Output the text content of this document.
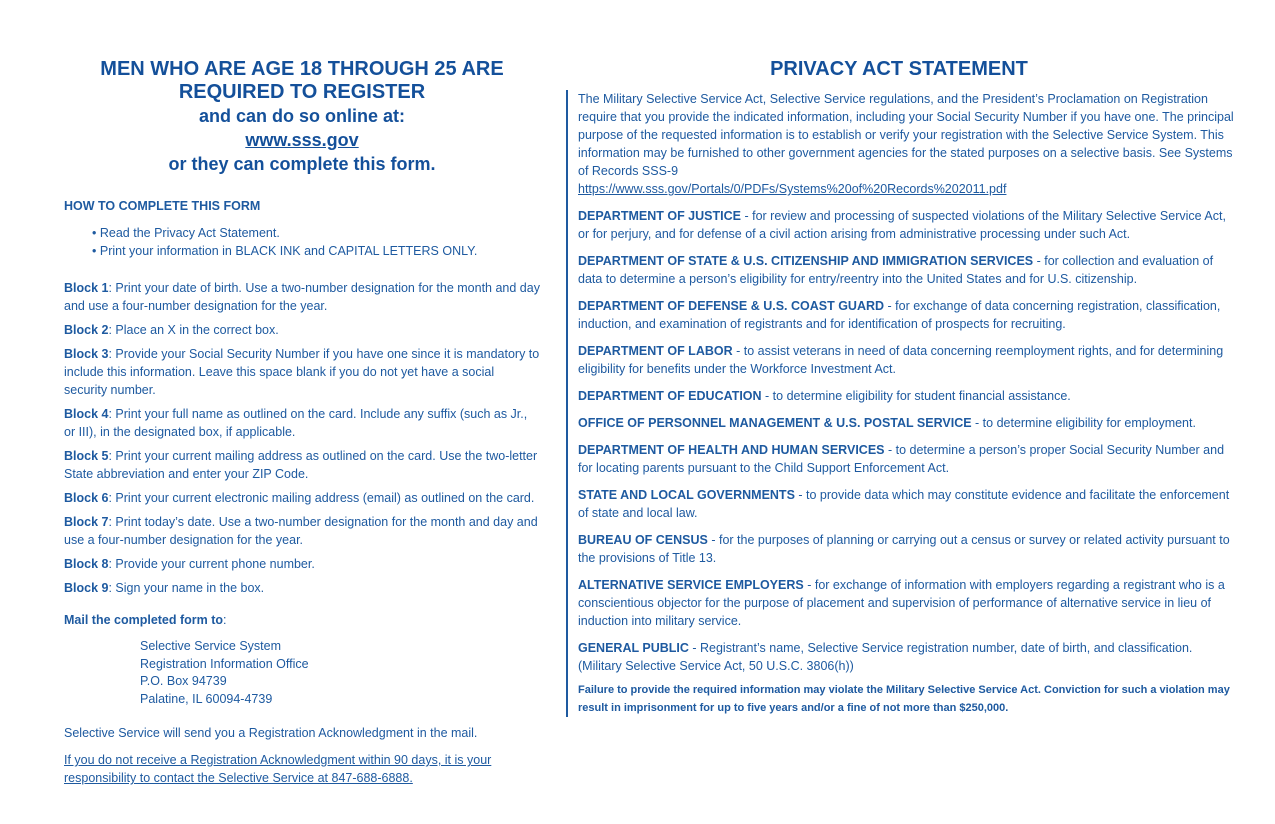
MEN WHO ARE AGE 18 THROUGH 25 ARE
REQUIRED TO REGISTER
and can do so online at:
www.sss.gov
or they can complete this form.
HOW TO COMPLETE THIS FORM
• Read the Privacy Act Statement.
• Print your information in BLACK INK and CAPITAL LETTERS ONLY.
Block 1: Print your date of birth. Use a two-number designation for the month and day and use a four-number designation for the year.
Block 2: Place an X in the correct box.
Block 3: Provide your Social Security Number if you have one since it is mandatory to include this information. Leave this space blank if you do not yet have a social security number.
Block 4: Print your full name as outlined on the card. Include any suffix (such as Jr., or III), in the designated box, if applicable.
Block 5: Print your current mailing address as outlined on the card. Use the two-letter State abbreviation and enter your ZIP Code.
Block 6: Print your current electronic mailing address (email) as outlined on the card.
Block 7: Print today’s date. Use a two-number designation for the month and day and use a four-number designation for the year.
Block 8: Provide your current phone number.
Block 9: Sign your name in the box.
Mail the completed form to:
Selective Service System
Registration Information Office
P.O. Box 94739
Palatine, IL 60094-4739
Selective Service will send you a Registration Acknowledgment in the mail.
If you do not receive a Registration Acknowledgment within 90 days, it is your responsibility to contact the Selective Service at 847-688-6888.
PRIVACY ACT STATEMENT
The Military Selective Service Act, Selective Service regulations, and the President’s Proclamation on Registration require that you provide the indicated information, including your Social Security Number if you have one. The principal purpose of the requested information is to establish or verify your registration with the Selective Service System. This information may be furnished to other government agencies for the stated purposes on a selective basis. See Systems of Records SSS-9
https://www.sss.gov/Portals/0/PDFs/Systems%20of%20Records%202011.pdf
DEPARTMENT OF JUSTICE - for review and processing of suspected violations of the Military Selective Service Act, or for perjury, and for defense of a civil action arising from administrative processing under such Act.
DEPARTMENT OF STATE & U.S. CITIZENSHIP AND IMMIGRATION SERVICES - for collection and evaluation of data to determine a person’s eligibility for entry/reentry into the United States and for U.S. citizenship.
DEPARTMENT OF DEFENSE & U.S. COAST GUARD - for exchange of data concerning registration, classification, induction, and examination of registrants and for identification of prospects for recruiting.
DEPARTMENT OF LABOR - to assist veterans in need of data concerning reemployment rights, and for determining eligibility for benefits under the Workforce Investment Act.
DEPARTMENT OF EDUCATION - to determine eligibility for student financial assistance.
OFFICE OF PERSONNEL MANAGEMENT & U.S. POSTAL SERVICE - to determine eligibility for employment.
DEPARTMENT OF HEALTH AND HUMAN SERVICES - to determine a person’s proper Social Security Number and for locating parents pursuant to the Child Support Enforcement Act.
STATE AND LOCAL GOVERNMENTS - to provide data which may constitute evidence and facilitate the enforcement of state and local law.
BUREAU OF CENSUS - for the purposes of planning or carrying out a census or survey or related activity pursuant to the provisions of Title 13.
ALTERNATIVE SERVICE EMPLOYERS - for exchange of information with employers regarding a registrant who is a conscientious objector for the purpose of placement and supervision of performance of alternative service in lieu of induction into military service.
GENERAL PUBLIC - Registrant’s name, Selective Service registration number, date of birth, and classification. (Military Selective Service Act, 50 U.S.C. 3806(h))
Failure to provide the required information may violate the Military Selective Service Act. Conviction for such a violation may result in imprisonment for up to five years and/or a fine of not more than $250,000.
